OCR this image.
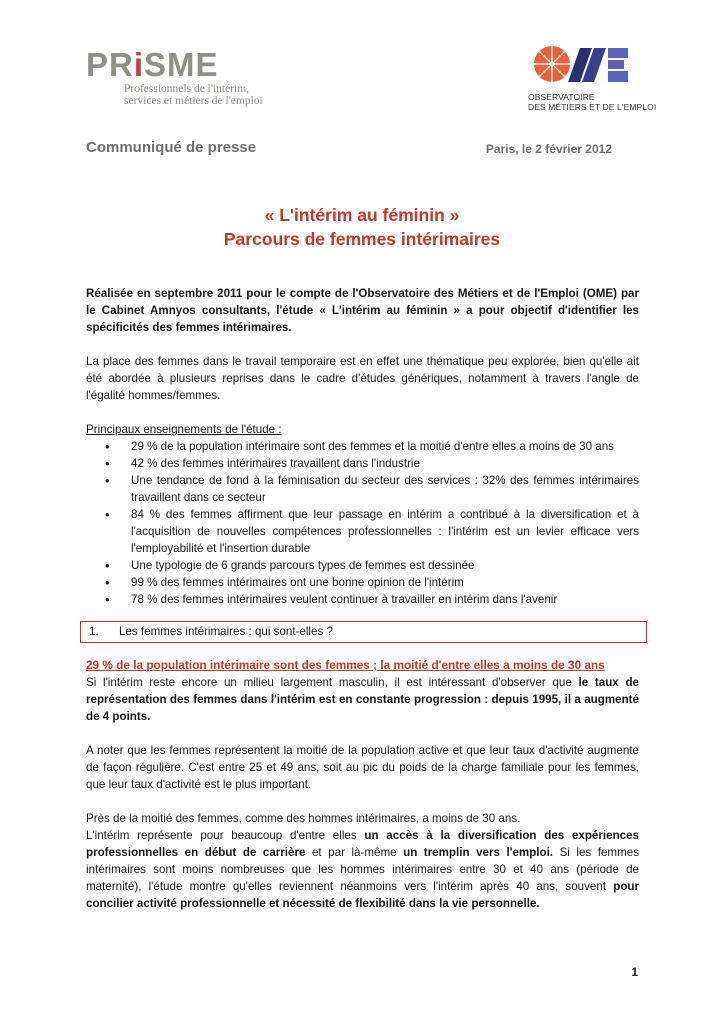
PRiSME
Professionnels de l'intérim,
services et métiers de l'emploi	OBSERVATOIRE
DES MÉTIERS ET DE L'EMPLOI
Communiqué de presse	Paris, le 2 février 2012
« L'intérim au féminin »
Parcours de femmes intérimaires

Réalisée en septembre 2011 pour le compte de l'Observatoire des Métiers et de l'Emploi (OME) par le Cabinet Amnyos consultants, l'étude « L'intérim au féminin » a pour objectif d'identifier les spécificités des femmes intérimaires.

La place des femmes dans le travail temporaire est en effet une thématique peu explorée, bien qu'elle ait été abordée à plusieurs reprises dans le cadre d'études génériques, notamment à travers l'angle de l'égalité hommes/femmes.

Principaux enseignements de l'étude :

• 29 % de la population intérimaire sont des femmes et la moitié d'entre elles a moins de 30 ans
• 42 % des femmes intérimaires travaillent dans l'industrie
• Une tendance de fond à la féminisation du secteur des services : 32% des femmes intérimaires travaillent dans ce secteur
• 84 % des femmes affirment que leur passage en intérim a contribué à la diversification et à l'acquisition de nouvelles compétences professionnelles : l'intérim est un levier efficace vers l'employabilité et l'insertion durable
• Une typologie de 6 grands parcours types de femmes est dessinée
• 99 % des femmes intérimaires ont une bonne opinion de l'intérim
• 78 % des femmes intérimaires veulent continuer à travailler en intérim dans l'avenir
1. Les femmes intérimaires : qui sont-elles ?

29 % de la population intérimaire sont des femmes ; la moitié d'entre elles a moins de 30 ans

Si l'intérim reste encore un milieu largement masculin, il est intéressant d'observer que le taux de représentation des femmes dans l'intérim est en constante progression : depuis 1995, il a augmenté de 4 points.

A noter que les femmes représentent la moitié de la population active et que leur taux d'activité augmente de façon régulière. C'est entre 25 et 49 ans, soit au pic du poids de la charge familiale pour les femmes, que leur taux d'activité est le plus important.

Près de la moitié des femmes, comme des hommes intérimaires, a moins de 30 ans.

L'intérim représente pour beaucoup d'entre elles un accès à la diversification des expériences professionnelles en début de carrière et par là-même un tremplin vers l'emploi. Si les femmes intérimaires sont moins nombreuses que les hommes intérimaires entre 30 et 40 ans (période de maternité), l'étude montre qu'elles reviennent néanmoins vers l'intérim après 40 ans, souvent pour concilier activité professionnelle et nécessité de flexibilité dans la vie personnelle.

1
